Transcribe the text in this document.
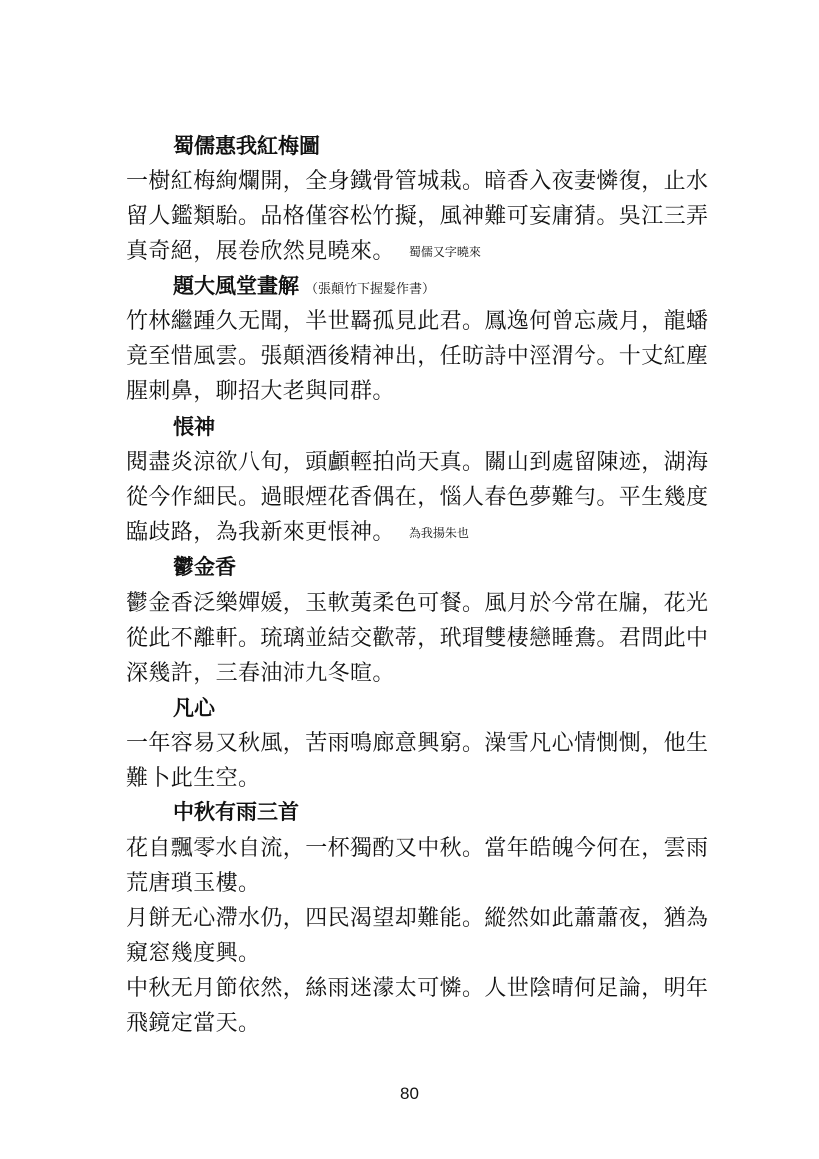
蜀儒惠我紅梅圖
一樹紅梅絢爛開，全身鐵骨管城栽。暗香入夜妻憐復，止水
留人鑑類駘。品格僅容松竹擬，風神難可妄庸猜。吳江三弄
真奇絕，展卷欣然見曉來。 蜀儒又字曉來
題大風堂畫解 （張顛竹下握髮作書）
竹林繼踵久无聞，半世羇孤見此君。鳳逸何曾忘歲月，龍蟠
竟至惜風雲。張顛酒後精神出，任昉詩中涇渭兮。十丈紅塵
腥刺鼻，聊招大老與同群。
悵神
閱盡炎涼欲八旬，頭顱輕拍尚天真。關山到處留陳迹，湖海
從今作細民。過眼煙花香偶在，惱人春色夢難勻。平生幾度
臨歧路，為我新來更悵神。 為我揚朱也
鬱金香
鬱金香泛樂嬋媛，玉軟荑柔色可餐。風月於今常在牖，花光
從此不離軒。琉璃並結交歡蒂，玳瑁雙棲戀睡鴦。君問此中
深幾許，三春油沛九冬暄。
凡心
一年容易又秋風，苦雨鳴廊意興窮。澡雪凡心情惻惻，他生
難卜此生空。
中秋有雨三首
花自飄零水自流，一杯獨酌又中秋。當年皓魄今何在，雲雨
荒唐瑣玉樓。
月餅无心滯水仍，四民渴望却難能。縱然如此蕭蕭夜，猶為
窺窓幾度興。
中秋无月節依然，絲雨迷濛太可憐。人世陰晴何足論，明年
飛鏡定當天。
80
